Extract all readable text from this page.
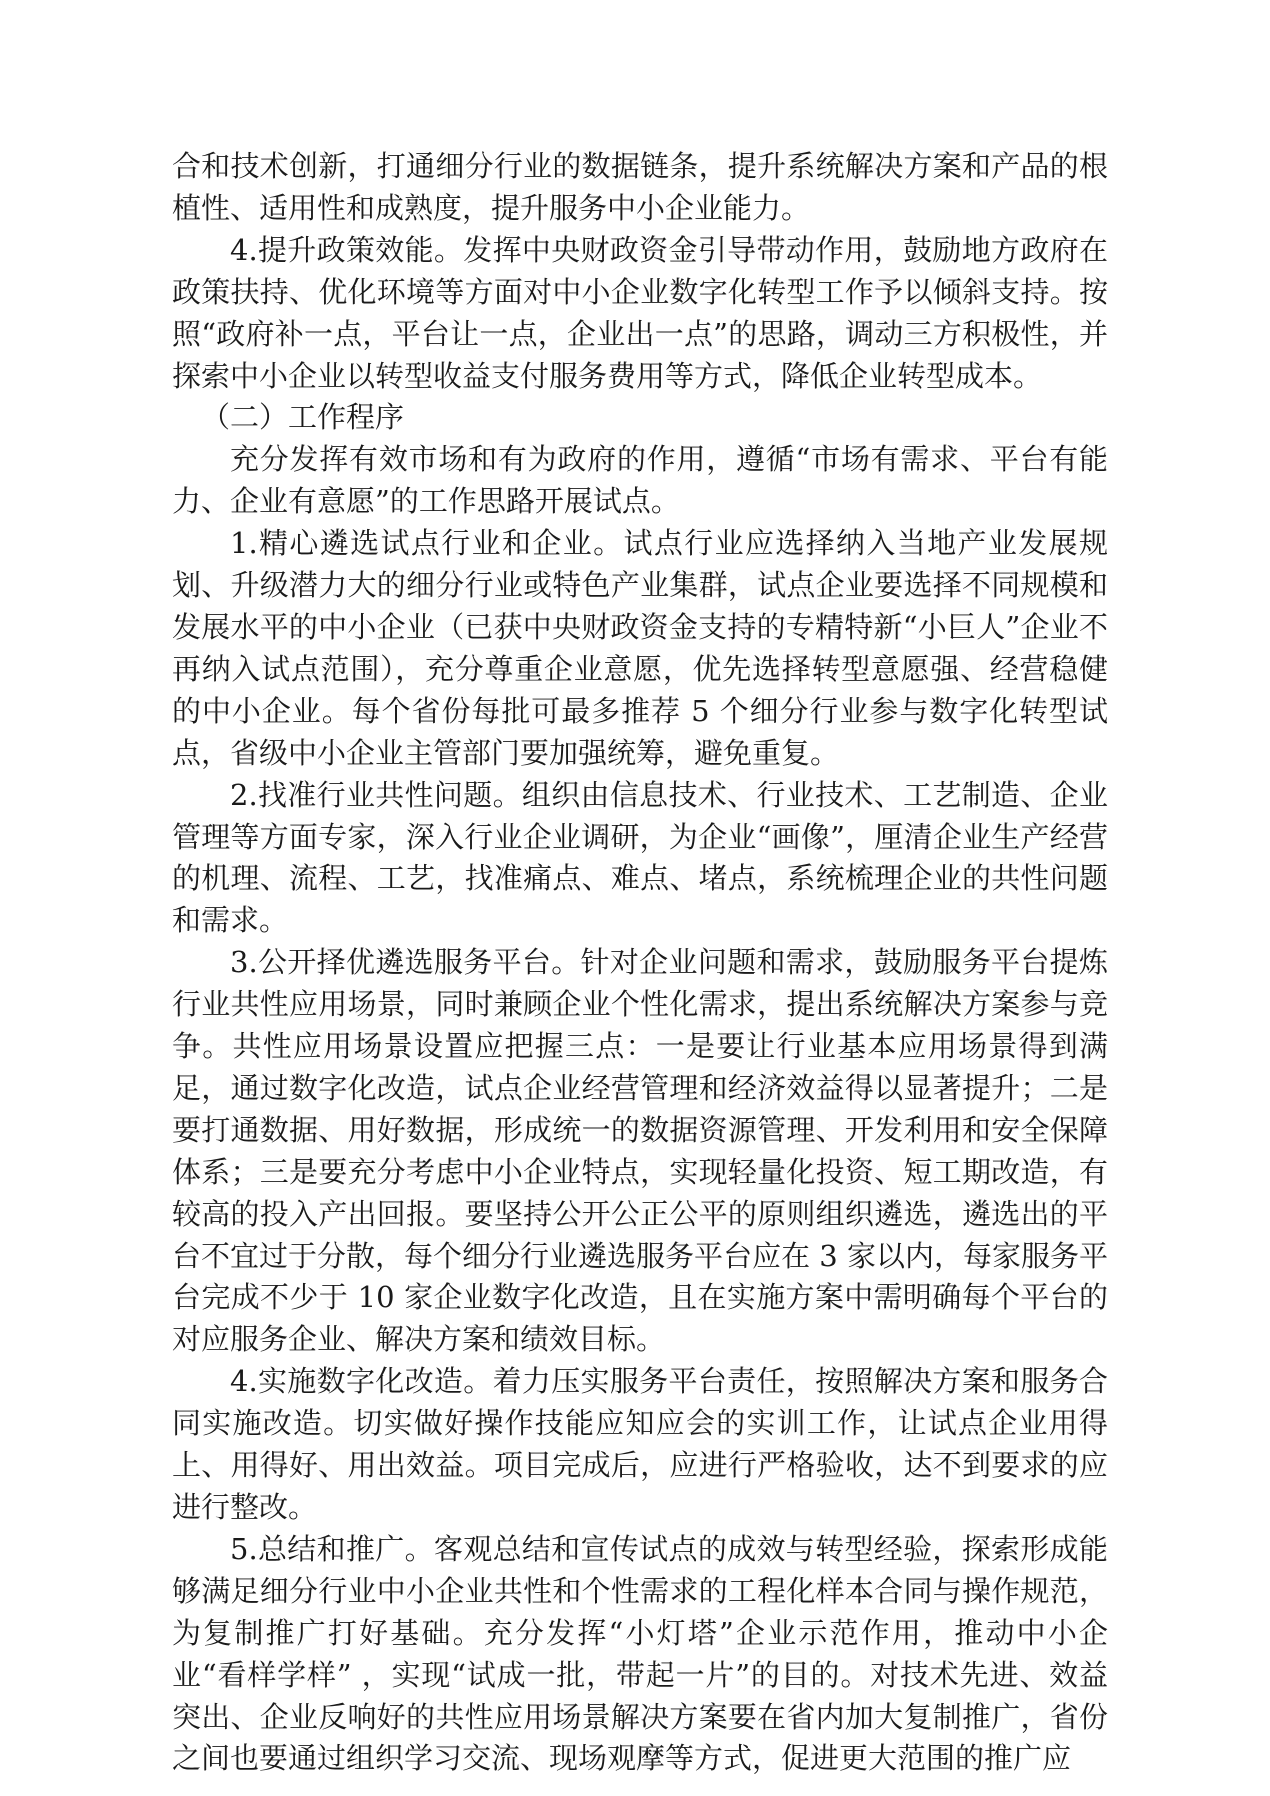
合和技术创新，打通细分行业的数据链条，提升系统解决方案和产品的根植性、适用性和成熟度，提升服务中小企业能力。

4.提升政策效能。发挥中央财政资金引导带动作用，鼓励地方政府在政策扶持、优化环境等方面对中小企业数字化转型工作予以倾斜支持。按照“政府补一点，平台让一点，企业出一点”的思路，调动三方积极性，并探索中小企业以转型收益支付服务费用等方式，降低企业转型成本。

（二）工作程序

充分发挥有效市场和有为政府的作用，遵循“市场有需求、平台有能力、企业有意愿”的工作思路开展试点。

1.精心遴选试点行业和企业。试点行业应选择纳入当地产业发展规划、升级潜力大的细分行业或特色产业集群，试点企业要选择不同规模和发展水平的中小企业（已获中央财政资金支持的专精特新“小巨人”企业不再纳入试点范围），充分尊重企业意愿，优先选择转型意愿强、经营稳健的中小企业。每个省份每批可最多推荐 5 个细分行业参与数字化转型试点，省级中小企业主管部门要加强统筹，避免重复。

2.找准行业共性问题。组织由信息技术、行业技术、工艺制造、企业管理等方面专家，深入行业企业调研，为企业“画像”，厘清企业生产经营的机理、流程、工艺，找准痛点、难点、堵点，系统梳理企业的共性问题和需求。

3.公开择优遴选服务平台。针对企业问题和需求，鼓励服务平台提炼行业共性应用场景，同时兼顾企业个性化需求，提出系统解决方案参与竞争。共性应用场景设置应把握三点：一是要让行业基本应用场景得到满足，通过数字化改造，试点企业经营管理和经济效益得以显著提升；二是要打通数据、用好数据，形成统一的数据资源管理、开发利用和安全保障体系；三是要充分考虑中小企业特点，实现轻量化投资、短工期改造，有较高的投入产出回报。要坚持公开公正公平的原则组织遴选，遴选出的平台不宜过于分散，每个细分行业遴选服务平台应在 3 家以内，每家服务平台完成不少于 10 家企业数字化改造，且在实施方案中需明确每个平台的对应服务企业、解决方案和绩效目标。

4.实施数字化改造。着力压实服务平台责任，按照解决方案和服务合同实施改造。切实做好操作技能应知应会的实训工作，让试点企业用得上、用得好、用出效益。项目完成后，应进行严格验收，达不到要求的应进行整改。

5.总结和推广。客观总结和宣传试点的成效与转型经验，探索形成能够满足细分行业中小企业共性和个性需求的工程化样本合同与操作规范，为复制推广打好基础。充分发挥“小灯塔”企业示范作用，推动中小企业“看样学样” ，实现“试成一批，带起一片”的目的。对技术先进、效益突出、企业反响好的共性应用场景解决方案要在省内加大复制推广，省份之间也要通过组织学习交流、现场观摩等方式，促进更大范围的推广应
